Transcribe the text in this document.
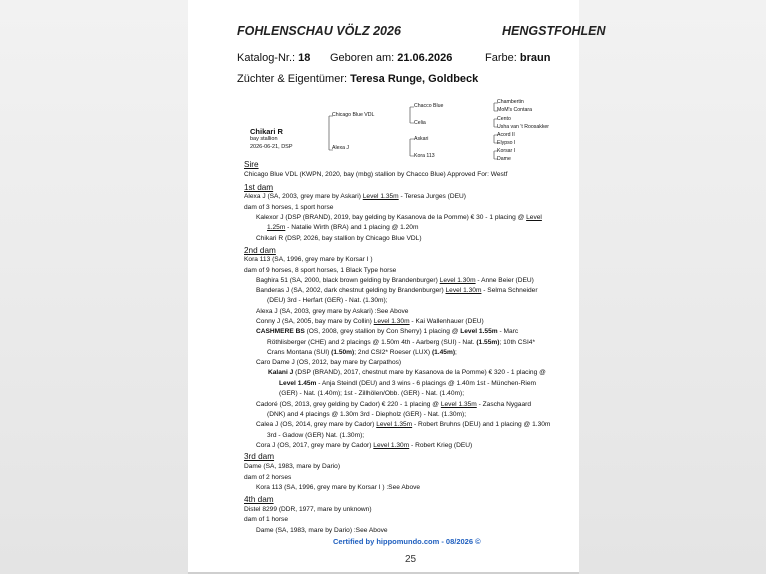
FOHLENSCHAU VÖLZ 2026	HENGSTFOHLEN
Katalog-Nr.: 18 Geboren am: 21.06.2026	Farbe: braun
Züchter & Eigentümer: Teresa Runge, Goldbeck
Chikari R
bay stallion
2026-06-21, DSP
Chicago Blue VDL
Alexa J
Chacco Blue
Celia
Askari
Kora 113
Chambertin
MoM's Contara
Cento
Usha van 't Roosakker
Acord II
Elypso I
Korsar I
Dame
Sire
Chicago Blue VDL (KWPN, 2020, bay (mbg) stallion by Chacco Blue) Approved For: Westf
1st dam
Alexa J (SA, 2003, grey mare by Askari) Level 1.35m - Teresa Jurges (DEU)
dam of 3 horses, 1 sport horse
Kalexor J (DSP (BRAND), 2019, bay gelding by Kasanova de la Pomme) € 30 - 1 placing @ Level
1.25m - Natalie Wirth (BRA) and 1 placing @ 1.20m
Chikari R (DSP, 2026, bay stallion by Chicago Blue VDL)
2nd dam
Kora 113 (SA, 1996, grey mare by Korsar I )
dam of 9 horses, 8 sport horses, 1 Black Type horse
Baghira 51 (SA, 2000, black brown gelding by Brandenburger) Level 1.30m - Anne Beier (DEU)
Banderas J (SA, 2002, dark chestnut gelding by Brandenburger) Level 1.30m - Selma Schneider
(DEU) 3rd - Herfart (GER) - Nat. (1.30m);
Alexa J (SA, 2003, grey mare by Askari) :See Above
Conny J (SA, 2005, bay mare by Collin) Level 1.30m - Kai Wallenhauer (DEU)
CASHMERE BS (OS, 2008, grey stallion by Con Sherry) 1 placing @ Level 1.55m - Marc
Röthlisberger (CHE) and 2 placings @ 1.50m 4th - Aarberg (SUI) - Nat. (1.55m); 10th CSI4*
Crans Montana (SUI) (1.50m); 2nd CSI2* Roeser (LUX) (1.45m);
Caro Dame J (OS, 2012, bay mare by Carpathos)
Kalani J (DSP (BRAND), 2017, chestnut mare by Kasanova de la Pomme) € 320 - 1 placing @
Level 1.45m - Anja Steindl (DEU) and 3 wins - 6 placings @ 1.40m 1st - München-Riem
(GER) - Nat. (1.40m); 1st - Zillhölen/Obb. (GER) - Nat. (1.40m);
Cadoré (OS, 2013, grey gelding by Cador) € 220 - 1 placing @ Level 1.35m - Zascha Nygaard
(DNK) and 4 placings @ 1.30m 3rd - Diepholz (GER) - Nat. (1.30m);
Calea J (OS, 2014, grey mare by Cador) Level 1.35m - Robert Bruhns (DEU) and 1 placing @ 1.30m
3rd - Gadow (GER) Nat. (1.30m);
Cora J (OS, 2017, grey mare by Cador) Level 1.30m - Robert Krieg (DEU)
3rd dam
Dame (SA, 1983, mare by Dario)
dam of 2 horses
Kora 113 (SA, 1996, grey mare by Korsar I ) :See Above
4th dam
Distel 8299 (DDR, 1977, mare by unknown)
dam of 1 horse
Dame (SA, 1983, mare by Dario) :See Above
Certified by hippomundo.com - 08/2026 ©
25
